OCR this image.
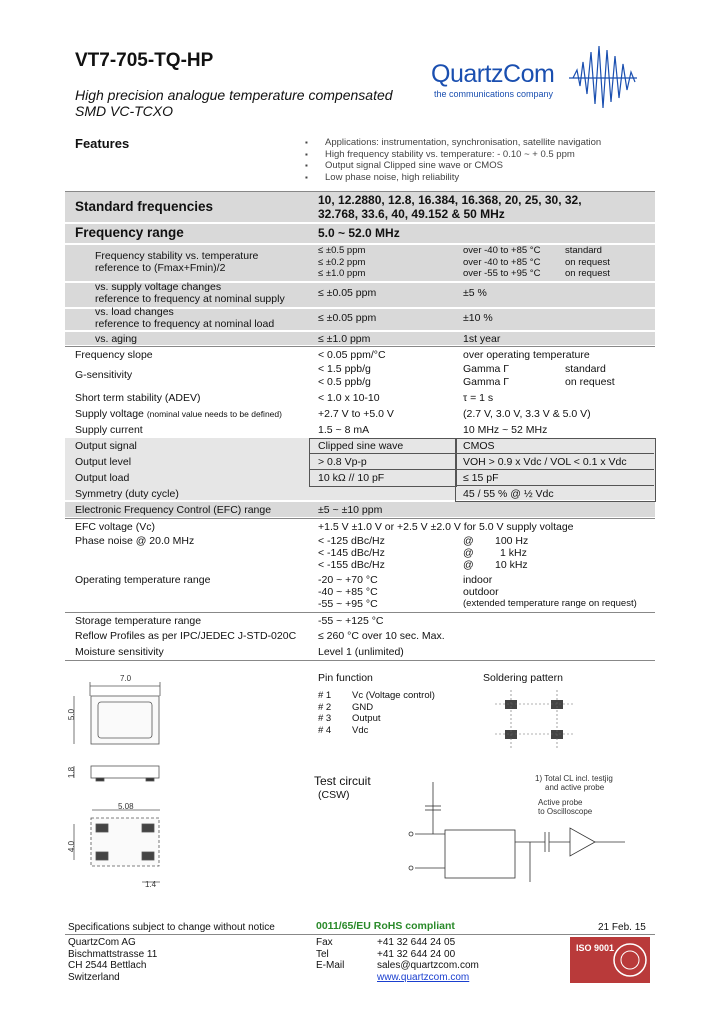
VT7-705-TQ-HP
High precision analogue temperature compensated
SMD VC-TCXO
QuartzCom
the communications company
Features
▪	Applications: instrumentation, synchronisation, satellite navigation
▪ High frequency stability vs. temperature: - 0.10 ~ + 0.5 ppm
▪ Output signal Clipped sine wave or CMOS
▪ Low phase noise, high reliability
Standard frequencies	10, 12.2880, 12.8, 16.384, 16.368, 20, 25, 30, 32,
32.768, 33.6, 40, 49.152 & 50 MHz
Frequency range	5.0 ~ 52.0 MHz
Frequency stability vs. temperature
reference to (Fmax+Fmin)/2
≤ ±0.5 ppm	over -40 to +85 °C	standard
≤ ±0.2 ppm	over -40 to +85 °C	on request
≤ ±1.0 ppm	over -55 to +95 °C	on request
vs. supply voltage changes
reference to frequency at nominal supply	≤ ±0.05 ppm	±5 %
vs. load changes
reference to frequency at nominal load	≤ ±0.05 ppm	±10 %
vs. aging	≤ ±1.0 ppm	1st year
Frequency slope	< 0.05 ppm/°C	over operating temperature
G-sensitivity	< 1.5 ppb/g	Gamma Γ	standard
< 0.5 ppb/g	Gamma Γ	on request
Short term stability (ADEV)	< 1.0 x 10-10	τ = 1 s
Supply voltage (nominal value needs to be defined)	+2.7 V to +5.0 V	(2.7 V, 3.0 V, 3.3 V & 5.0 V)
Supply current	1.5 ~ 8 mA	10 MHz ~ 52 MHz
Output signal	Clipped sine wave	CMOS
Output level	> 0.8 Vp-p	VOH > 0.9 x Vdc / VOL < 0.1 x Vdc
Output load	10 kΩ // 10 pF	≤ 15 pF
Symmetry (duty cycle)	45 / 55 % @ ½ Vdc
Electronic Frequency Control (EFC) range	±5 ~ ±10 ppm
EFC voltage (Vc)	+1.5 V ±1.0 V or +2.5 V ±2.0 V for 5.0 V supply voltage
Phase noise @ 20.0 MHz	< -125 dBc/Hz	@ 100 Hz
< -145 dBc/Hz	@	1 kHz
< -155 dBc/Hz	@ 10 kHz
Operating temperature range	-20 ~ +70 °C	indoor
-40 ~ +85 °C	outdoor
-55 ~ +95 °C	(extended temperature range on request)
Storage temperature range	-55 ~ +125 °C
Reflow Profiles as per IPC/JEDEC J-STD-020C ≤ 260 °C over 10 sec. Max.
Moisture sensitivity	Level 1 (unlimited)
7.0
5.0
1.8
5.08
4.0
1.4
Pin function
# 1 Vc (Voltage control)
# 2 GND
# 3 Output
# 4 Vdc
Soldering pattern
Test circuit
(CSW)
1) Total CL incl. testjig
and active probe
Active probe
to Oscilloscope
Specifications subject to change without notice	0011/65/EU RoHS compliant	21 Feb. 15
QuartzCom AG
Bischmattstrasse 11
CH 2544 Bettlach
Switzerland
Fax
Tel
E-Mail
+41 32 644 24 05
+41 32 644 24 00
sales@quartzcom.com
www.quartzcom.com
ISO 9001
